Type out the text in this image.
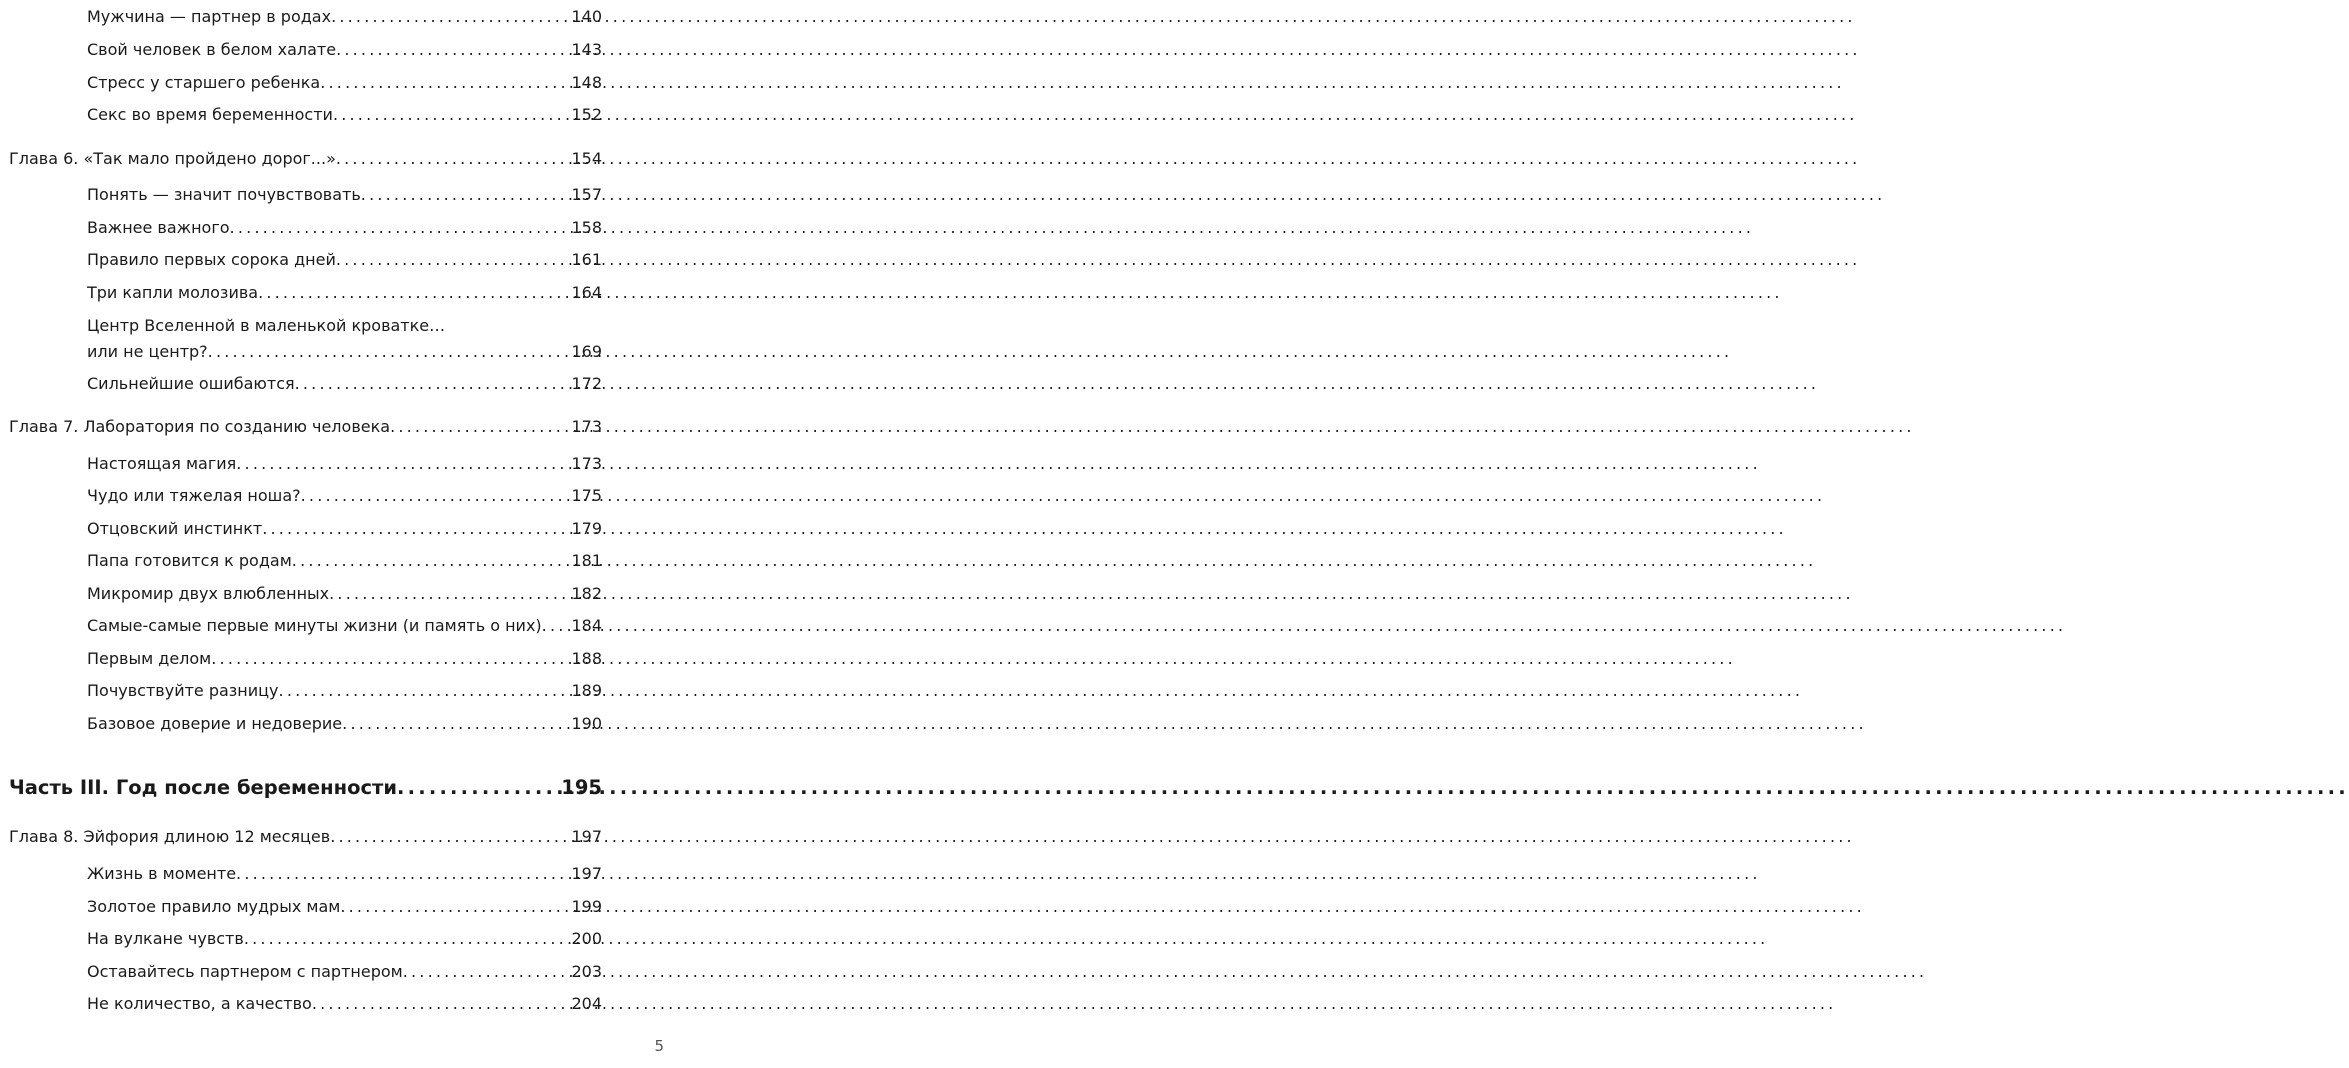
Мужчина — партнер в родах .....	140
Свой человек в белом халате .....	143
Стресс у старшего ребенка .....	148
Секс во время беременности .....	152
Глава 6. «Так мало пройдено дорог...» .....	154
Понять — значит почувствовать .....	157
Важнее важного .....	158
Правило первых сорока дней .....	161
Три капли молозива .....	164
Центр Вселенной в маленькой кроватке…
или не центр? .....	169
Сильнейшие ошибаются .....	172
Глава 7. Лаборатория по созданию человека .....	173
Настоящая магия .....	173
Чудо или тяжелая ноша? .....	175
Отцовский инстинкт .....	179
Папа готовится к родам .....	181
Микромир двух влюбленных .....	182
Самые-самые первые минуты жизни (и память о них) ..... 184
Первым делом .....	188
Почувствуйте разницу .....	189
Базовое доверие и недоверие .....	190
Часть III. Год после беременности .....	195
Глава 8. Эйфория длиною 12 месяцев .....	197
Жизнь в моменте .....	197
Золотое правило мудрых мам .....	199
На вулкане чувств .....	200
Оставайтесь партнером с партнером .....	203
Не количество, а качество .....	204
5
